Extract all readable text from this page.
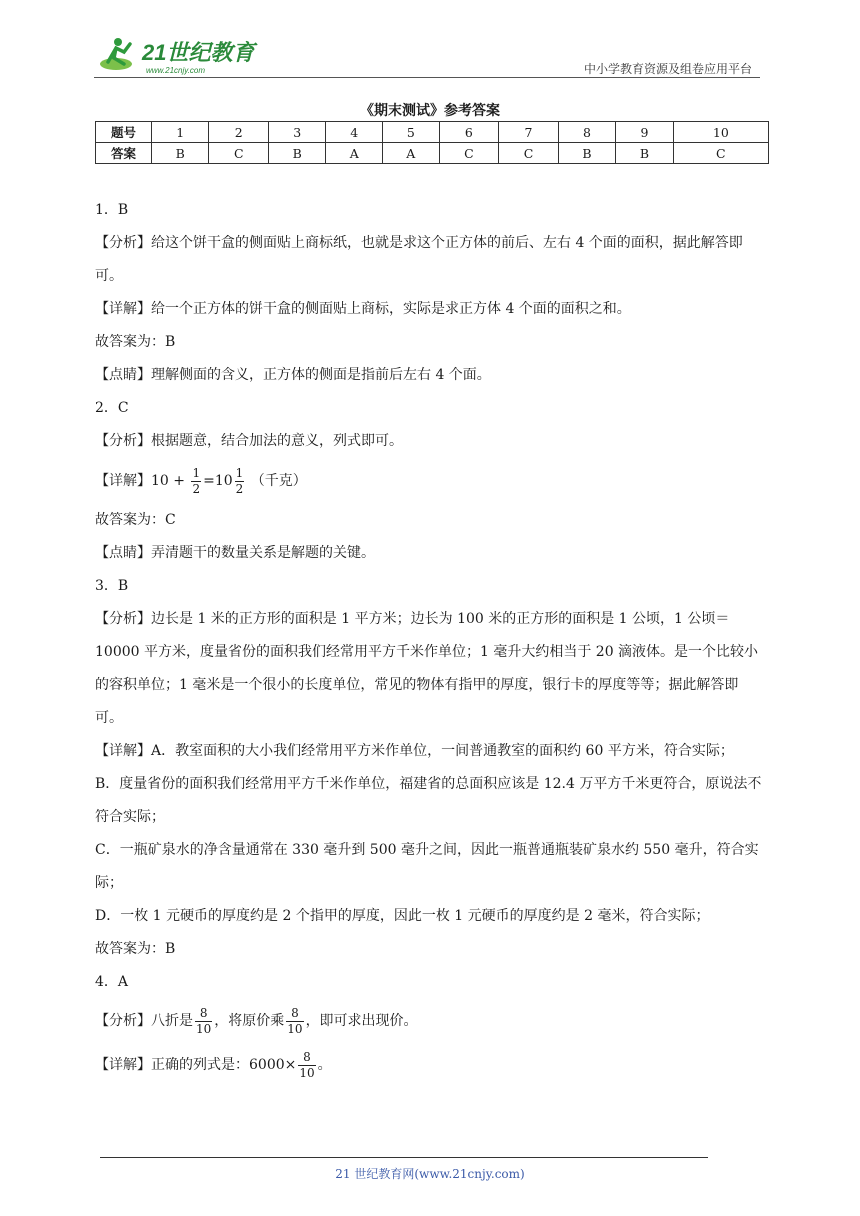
21世纪教育
www.21cnjy.com	中小学教育资源及组卷应用平台
《期末测试》参考答案
题号	1	2	3	4	5	6	7	8	9	10
答案	B	C	B	A	A	C	C	B	B	C

1．B

【分析】给这个饼干盒的侧面贴上商标纸，也就是求这个正方体的前后、左右 4 个面的面积，据此解答即可。

【详解】给一个正方体的饼干盒的侧面贴上商标，实际是求正方体 4 个面的面积之和。

故答案为：B

【点睛】理解侧面的含义，正方体的侧面是指前后左右 4 个面。

2．C

【分析】根据题意，结合加法的意义，列式即可。

【详解】$10 + \frac{1}{2} =10 \frac{1}{2}$ （千克）

故答案为：C

【点睛】弄清题干的数量关系是解题的关键。

3．B

【分析】边长是 1 米的正方形的面积是 1 平方米；边长为 100 米的正方形的面积是 1 公顷，1 公顷＝10000 平方米，度量省份的面积我们经常用平方千米作单位；1 毫升大约相当于 20 滴液体。是一个比较小的容积单位；1 毫米是一个很小的长度单位，常见的物体有指甲的厚度，银行卡的厚度等等；据此解答即可。

【详解】A．教室面积的大小我们经常用平方米作单位，一间普通教室的面积约 60 平方米，符合实际；

B．度量省份的面积我们经常用平方千米作单位，福建省的总面积应该是 12.4 万平方千米更符合，原说法不符合实际；

C．一瓶矿泉水的净含量通常在 330 毫升到 500 毫升之间，因此一瓶普通瓶装矿泉水约 550 毫升，符合实际；

D．一枚 1 元硬币的厚度约是 2 个指甲的厚度，因此一枚 1 元硬币的厚度约是 2 毫米，符合实际；

故答案为：B

4．A

【分析】八折是 $\frac{8}{10}$ ，将原价乘 $\frac{8}{10}$ ，即可求出现价。

【详解】正确的列式是：$6000\times \frac{8}{10}$ 。

21 世纪教育网(www.21cnjy.com)
